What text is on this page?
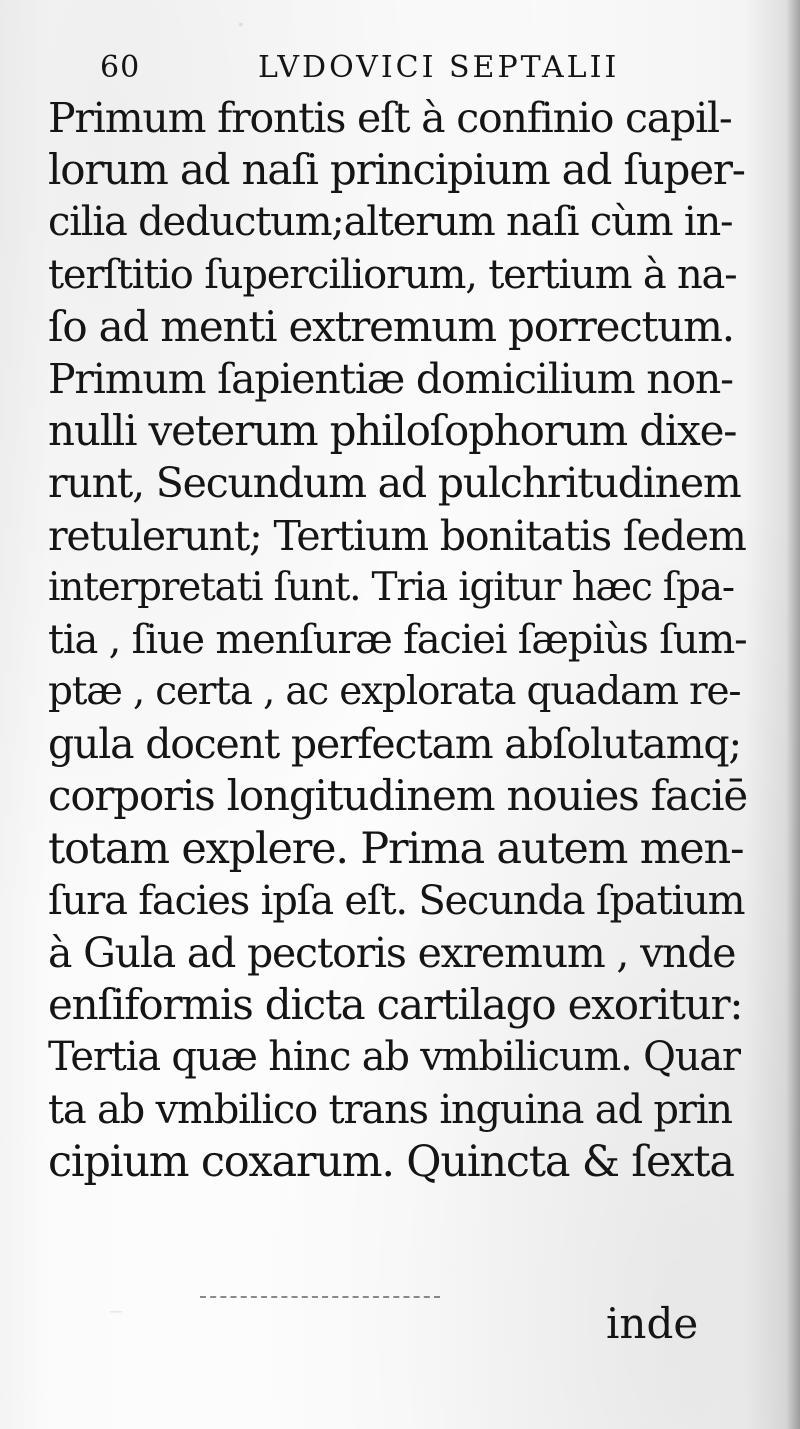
·
⁻
60	LVDOVICI SEPTALII
Primum frontis eſt à confinio capil-
lorum ad naſi principium ad ſuper-
cilia deductum;alterum naſi cùm in-
terſtitio ſuperciliorum, tertium à na-
ſo ad menti extremum porrectum.
Primum ſapientiæ domicilium non-
nulli veterum philoſophorum dixe-
runt, Secundum ad pulchritudinem
retulerunt; Tertium bonitatis ſedem
interpretati ſunt. Tria igitur hæc ſpa-
tia , ſiue menſuræ faciei ſæpiùs ſum-
ptæ , certa , ac explorata quadam re-
gula docent perfectam abſolutamq;
corporis longitudinem nouies faciē
totam explere. Prima autem men-
ſura facies ipſa eſt. Secunda ſpatium
à Gula ad pectoris exremum , vnde
enſiformis dicta cartilago exoritur:
Tertia quæ hinc ab vmbilicum. Quar
ta ab vmbilico trans inguina ad prin
cipium coxarum. Quincta & ſexta
inde
